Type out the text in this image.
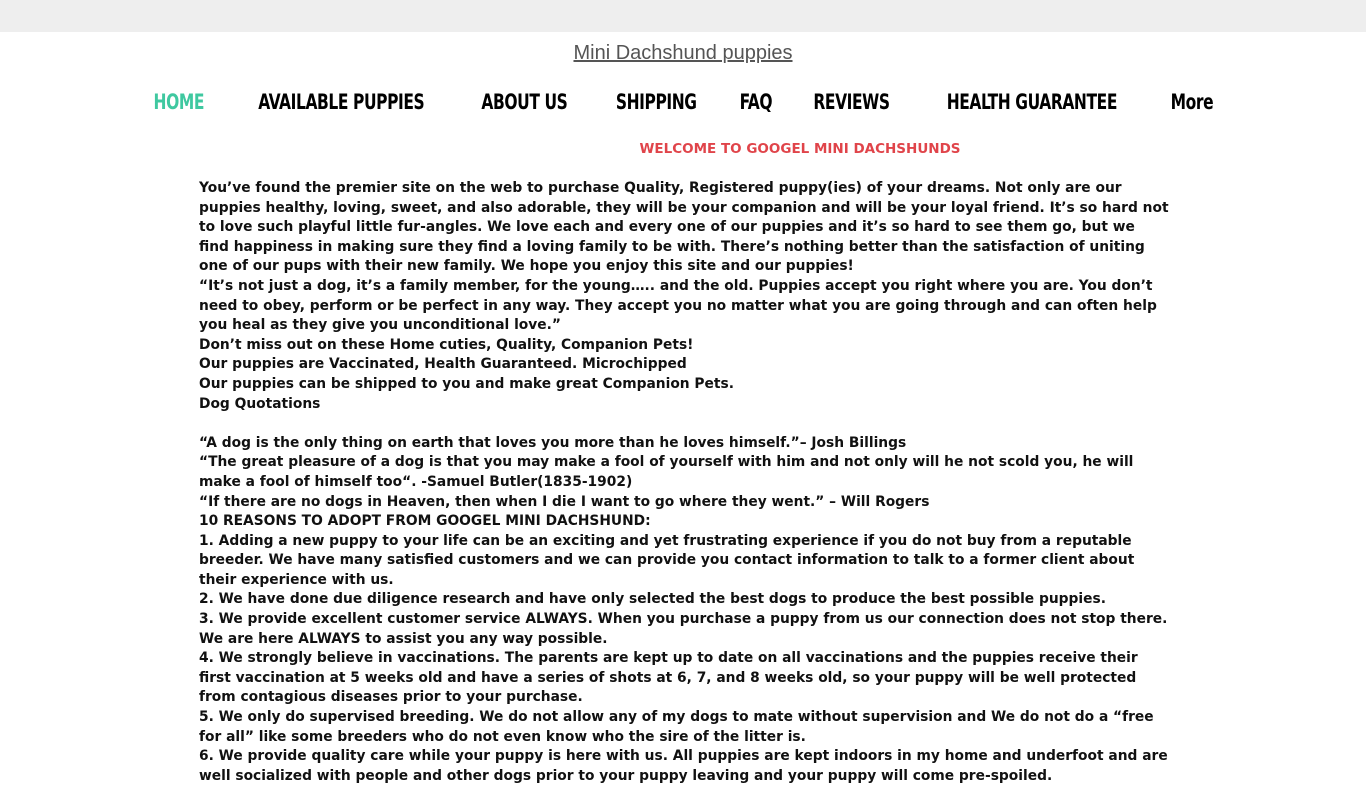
Mini Dachshund puppies
HOME	AVAILABLE PUPPIES	ABOUT US	SHIPPING	FAQ	REVIEWS	HEALTH GUARANTEE	More
WELCOME TO GOOGEL MINI DACHSHUNDS

You’ve found the premier site on the web to purchase Quality, Registered puppy(ies) of your dreams. Not only are our puppies healthy, loving, sweet, and also adorable, they will be your companion and will be your loyal friend. It’s so hard not to love such playful little fur-angles. We love each and every one of our puppies and it’s so hard to see them go, but we find happiness in making sure they find a loving family to be with. There’s nothing better than the satisfaction of uniting one of our pups with their new family. We hope you enjoy this site and our puppies!

“It’s not just a dog, it’s a family member, for the young….. and the old. Puppies accept you right where you are. You don’t need to obey, perform or be perfect in any way. They accept you no matter what you are going through and can often help you heal as they give you unconditional love.”

Don’t miss out on these Home cuties, Quality, Companion Pets!

Our puppies are Vaccinated, Health Guaranteed. Microchipped

Our puppies can be shipped to you and make great Companion Pets.

Dog Quotations

“A dog is the only thing on earth that loves you more than he loves himself.”– Josh Billings

“The great pleasure of a dog is that you may make a fool of yourself with him and not only will he not scold you, he will make a fool of himself too“. -Samuel Butler(1835-1902)

“If there are no dogs in Heaven, then when I die I want to go where they went.” – Will Rogers

10 REASONS TO ADOPT FROM GOOGEL MINI DACHSHUND:

1. Adding a new puppy to your life can be an exciting and yet frustrating experience if you do not buy from a reputable breeder. We have many satisfied customers and we can provide you contact information to talk to a former client about their experience with us.

2. We have done due diligence research and have only selected the best dogs to produce the best possible puppies.

3. We provide excellent customer service ALWAYS. When you purchase a puppy from us our connection does not stop there. We are here ALWAYS to assist you any way possible.

4. We strongly believe in vaccinations. The parents are kept up to date on all vaccinations and the puppies receive their first vaccination at 5 weeks old and have a series of shots at 6, 7, and 8 weeks old, so your puppy will be well protected from contagious diseases prior to your purchase.

5. We only do supervised breeding. We do not allow any of my dogs to mate without supervision and We do not do a “free for all” like some breeders who do not even know who the sire of the litter is.

6. We provide quality care while your puppy is here with us. All puppies are kept indoors in my home and underfoot and are well socialized with people and other dogs prior to your puppy leaving and your puppy will come pre-spoiled.
